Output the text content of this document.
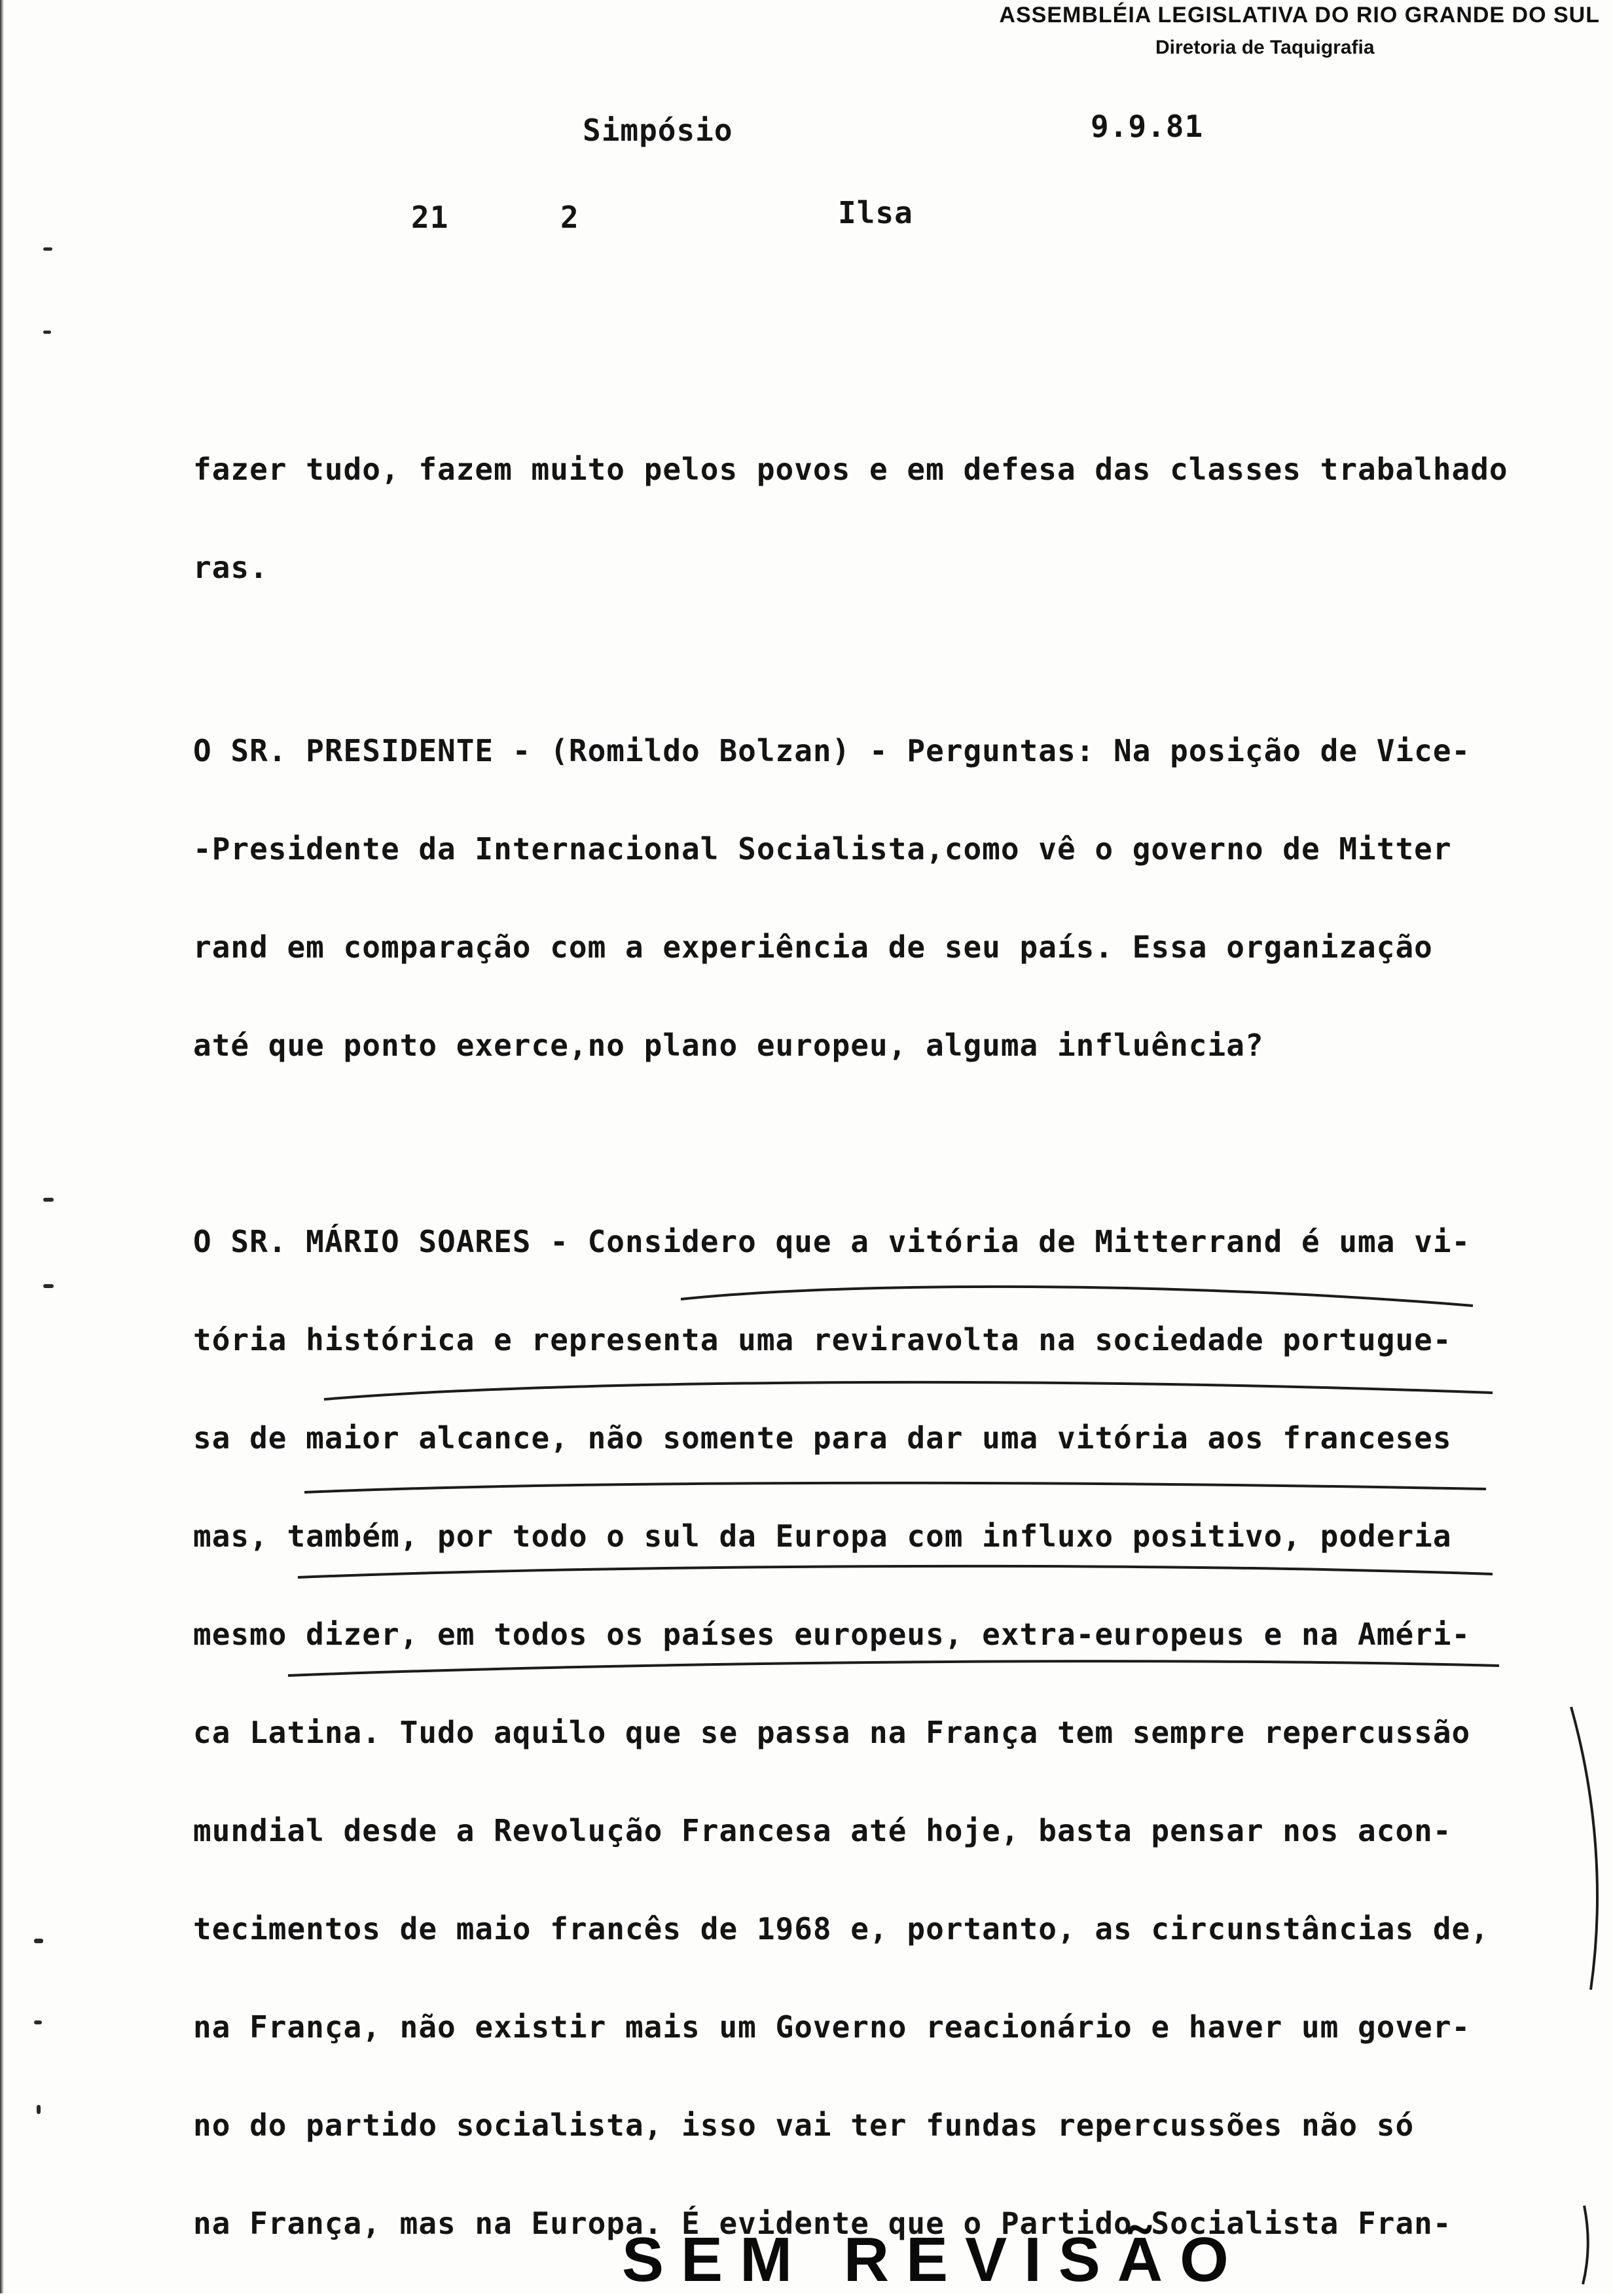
ASSEMBLÉIA LEGISLATIVA DO RIO GRANDE DO SUL
Diretoria de Taquigrafia
Simpósio	9.9.81
21	2	Ilsa
fazer tudo, fazem muito pelos povos e em defesa das classes trabalhado
ras.
O SR. PRESIDENTE - (Romildo Bolzan) - Perguntas: Na posição de Vice-
-Presidente da Internacional Socialista,como vê o governo de Mitter
rand em comparação com a experiência de seu país. Essa organização
até que ponto exerce,no plano europeu, alguma influência?
O SR. MÁRIO SOARES - Considero que a vitória de Mitterrand é uma vi-
tória histórica e representa uma reviravolta na sociedade portugue-
sa de maior alcance, não somente para dar uma vitória aos franceses
mas, também, por todo o sul da Europa com influxo positivo, poderia
mesmo dizer, em todos os países europeus, extra-europeus e na Améri-
ca Latina. Tudo aquilo que se passa na França tem sempre repercussão
mundial desde a Revolução Francesa até hoje, basta pensar nos acon-
tecimentos de maio francês de 1968 e, portanto, as circunstâncias de,
na França, não existir mais um Governo reacionário e haver um gover-
no do partido socialista, isso vai ter fundas repercussões não só
na França, mas na Europa. É evidente que o Partido Socialista Fran-
SEM REVISÃO
